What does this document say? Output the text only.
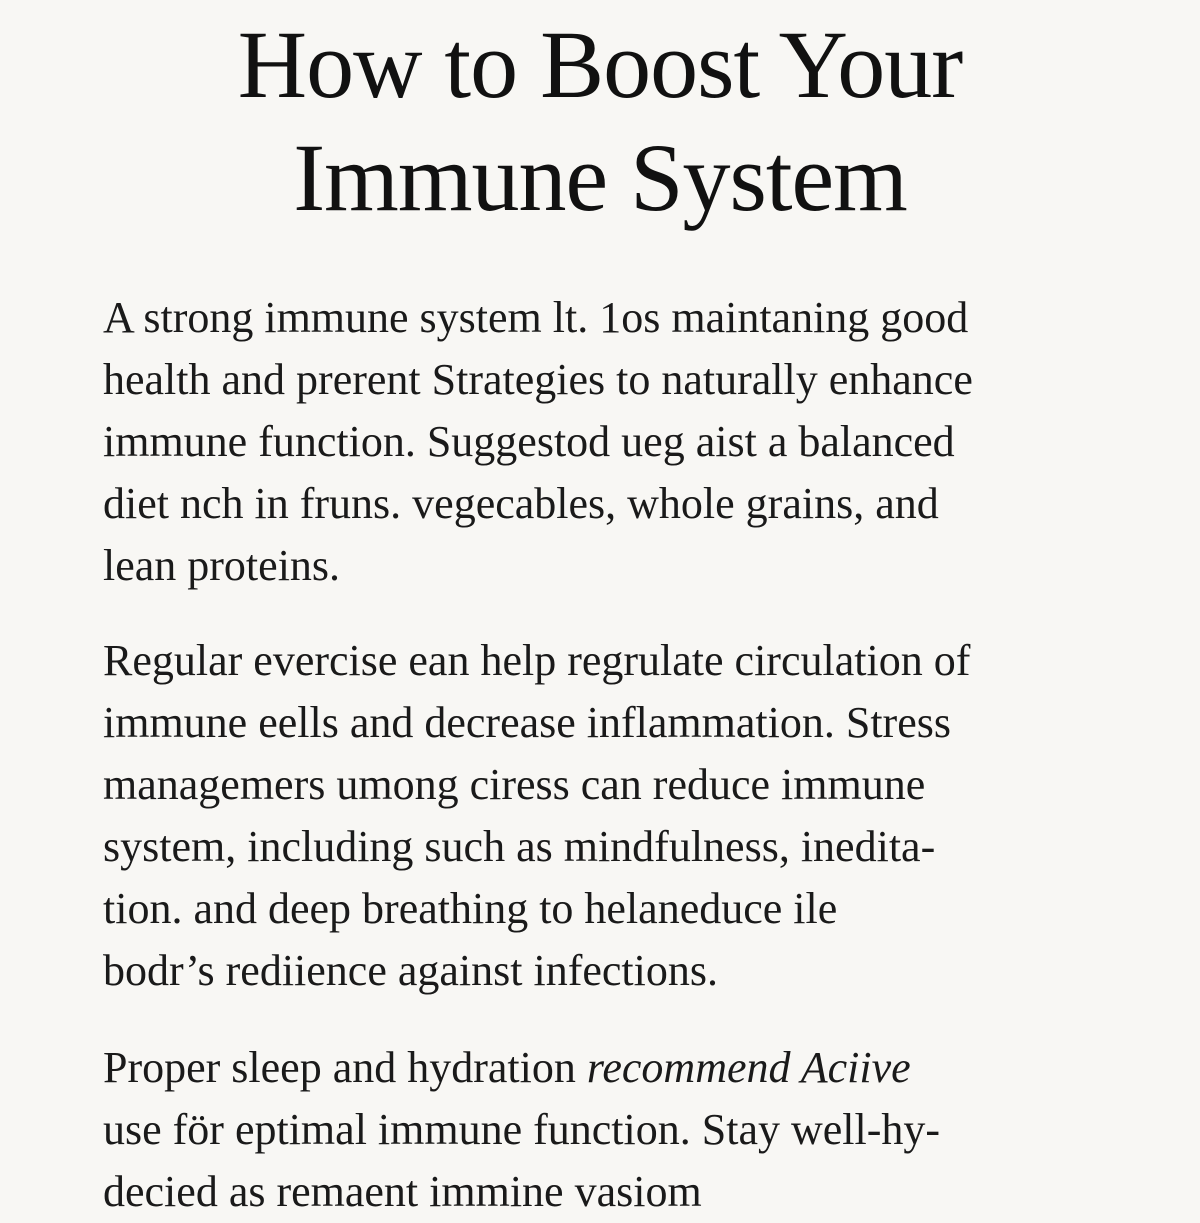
How to Boost Your
Immune System

A strong immune system lt. 1os maintaning good
health and prerent Strategies to naturally enhance
immune function. Suggestod ueg aist a balanced
diet nch in fruns. vegecables, whole grains, and
lean proteins.

Regular evercise ean help regrulate circulation of
immune eells and decrease inflammation. Stress
managemers umong ciress can reduce immune
system, including such as mindfulness, inedita-
tion. and deep breathing to helaneduce ile
bodr’s rediience against infections.

Proper sleep and hydration recommend Aciive
use för eptimal immune function. Stay well-hy-
decied as remaent immine vasiom
